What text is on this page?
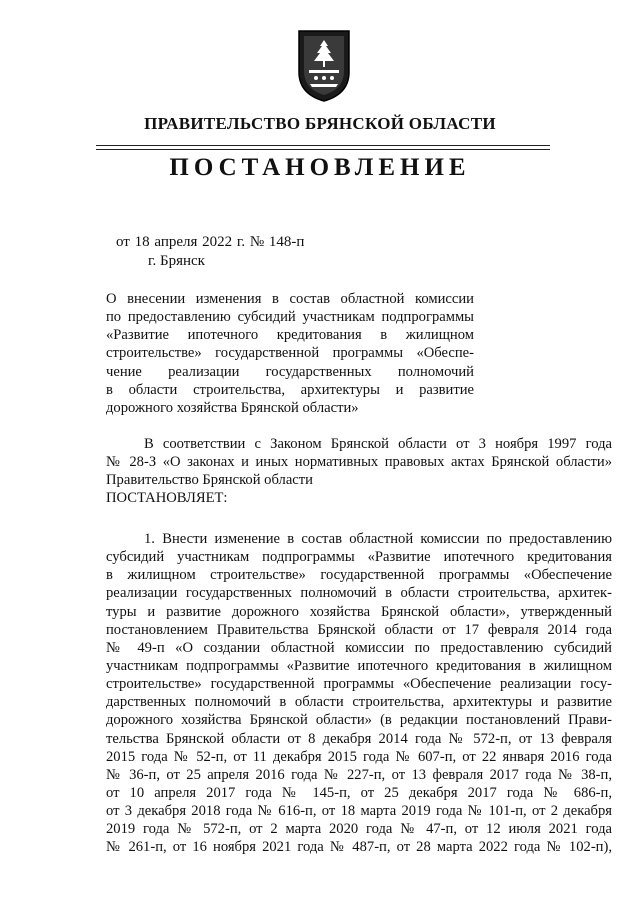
ПРАВИТЕЛЬСТВО БРЯНСКОЙ ОБЛАСТИ
ПОСТАНОВЛЕНИЕ
от 18 апреля 2022 г. № 148-п
г. Брянск
О внесении изменения в состав областной комиссии
по предоставлению субсидий участникам подпрограммы
«Развитие ипотечного кредитования в жилищном
строительстве» государственной программы «Обеспе-
чение реализации государственных полномочий
в области строительства, архитектуры и развитие
дорожного хозяйства Брянской области»
В соответствии с Законом Брянской области от 3 ноября 1997 года
№ 28-З «О законах и иных нормативных правовых актах Брянской области»
Правительство Брянской области
ПОСТАНОВЛЯЕТ:
1. Внести изменение в состав областной комиссии по предоставлению
субсидий участникам подпрограммы «Развитие ипотечного кредитования
в жилищном строительстве» государственной программы «Обеспечение
реализации государственных полномочий в области строительства, архитек-
туры и развитие дорожного хозяйства Брянской области», утвержденный
постановлением Правительства Брянской области от 17 февраля 2014 года
№ 49-п «О создании областной комиссии по предоставлению субсидий
участникам подпрограммы «Развитие ипотечного кредитования в жилищном
строительстве» государственной программы «Обеспечение реализации госу-
дарственных полномочий в области строительства, архитектуры и развитие
дорожного хозяйства Брянской области» (в редакции постановлений Прави-
тельства Брянской области от 8 декабря 2014 года № 572-п, от 13 февраля
2015 года № 52-п, от 11 декабря 2015 года № 607-п, от 22 января 2016 года
№ 36-п, от 25 апреля 2016 года № 227-п, от 13 февраля 2017 года № 38-п,
от 10 апреля 2017 года № 145-п, от 25 декабря 2017 года № 686-п,
от 3 декабря 2018 года № 616-п, от 18 марта 2019 года № 101-п, от 2 декабря
2019 года № 572-п, от 2 марта 2020 года № 47-п, от 12 июля 2021 года
№ 261-п, от 16 ноября 2021 года № 487-п, от 28 марта 2022 года № 102-п),
